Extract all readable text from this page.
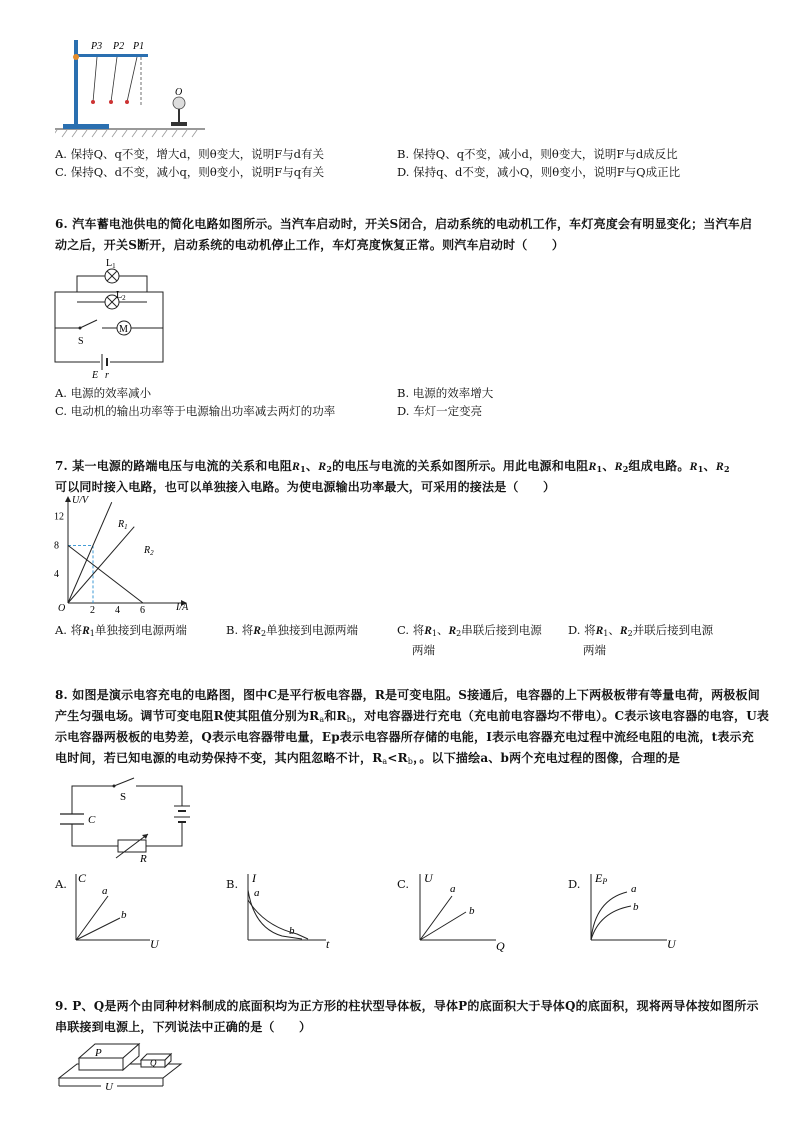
P3 P2 P1
O
A. 保持Q、q不变，增大d，则θ变大，说明F与d有关	B. 保持Q、q不变，减小d，则θ变大，说明F与d成反比
C. 保持Q、d不变，减小q，则θ变小，说明F与q有关	D. 保持q、d不变，减小Q，则θ变小，说明F与Q成正比
6. 汽车蓄电池供电的简化电路如图所示。当汽车启动时，开关S闭合，启动系统的电动机工作，车灯亮度会有明显变化；当汽车启
动之后，开关S断开，启动系统的电动机停止工作，车灯亮度恢复正常。则汽车启动时（　　）
$L_1$
$L_2$
M
S
E r
A. 电源的效率减小	B. 电源的效率增大
C. 电动机的输出功率等于电源输出功率减去两灯的功率	D. 车灯一定变亮
7. 某一电源的路端电压与电流的关系和电阻$R_1$、$R_2$的电压与电流的关系如图所示。用此电源和电阻$R_1$、$R_2$组成电路。$R_1$、$R_2$
可以同时接入电路，也可以单独接入电路。为使电源输出功率最大，可采用的接法是（　　）
4
8
12
2 4 6
U/V
I/A
O
$R_1$
$R_2$
A. 将$R_1$单独接到电源两端	B. 将$R_2$单独接到电源两端	C. 将$R_1$、$R_2$串联后接到电源
两端
D. 将$R_1$、$R_2$并联后接到电源
两端
8. 如图是演示电容充电的电路图，图中C是平行板电容器，R是可变电阻。S接通后，电容器的上下两极板带有等量电荷，两极板间
产生匀强电场。调节可变电阻R使其阻值分别为$R_a$和$R_b$，对电容器进行充电（充电前电容器均不带电）。C表示该电容器的电容，U表
示电容器两极板的电势差，Q表示电容器带电量，Ep表示电容器所存储的电能，I表示电容器充电过程中流经电阻的电流，t表示充
电时间，若已知电源的电动势保持不变，其内阻忽略不计，$R_a<R_b$，。以下描绘a、b两个充电过程的图像，合理的是
S
C
R
A. C
U
a
b
B. I
t
a
b
C. U
Q
a
b
D. EP
U
a
b
9. P、Q是两个由同种材料制成的底面积均为正方形的柱状型导体板，导体P的底面积大于导体Q的底面积，现将两导体按如图所示
串联接到电源上，下列说法中正确的是（　　）
P
Q
U
